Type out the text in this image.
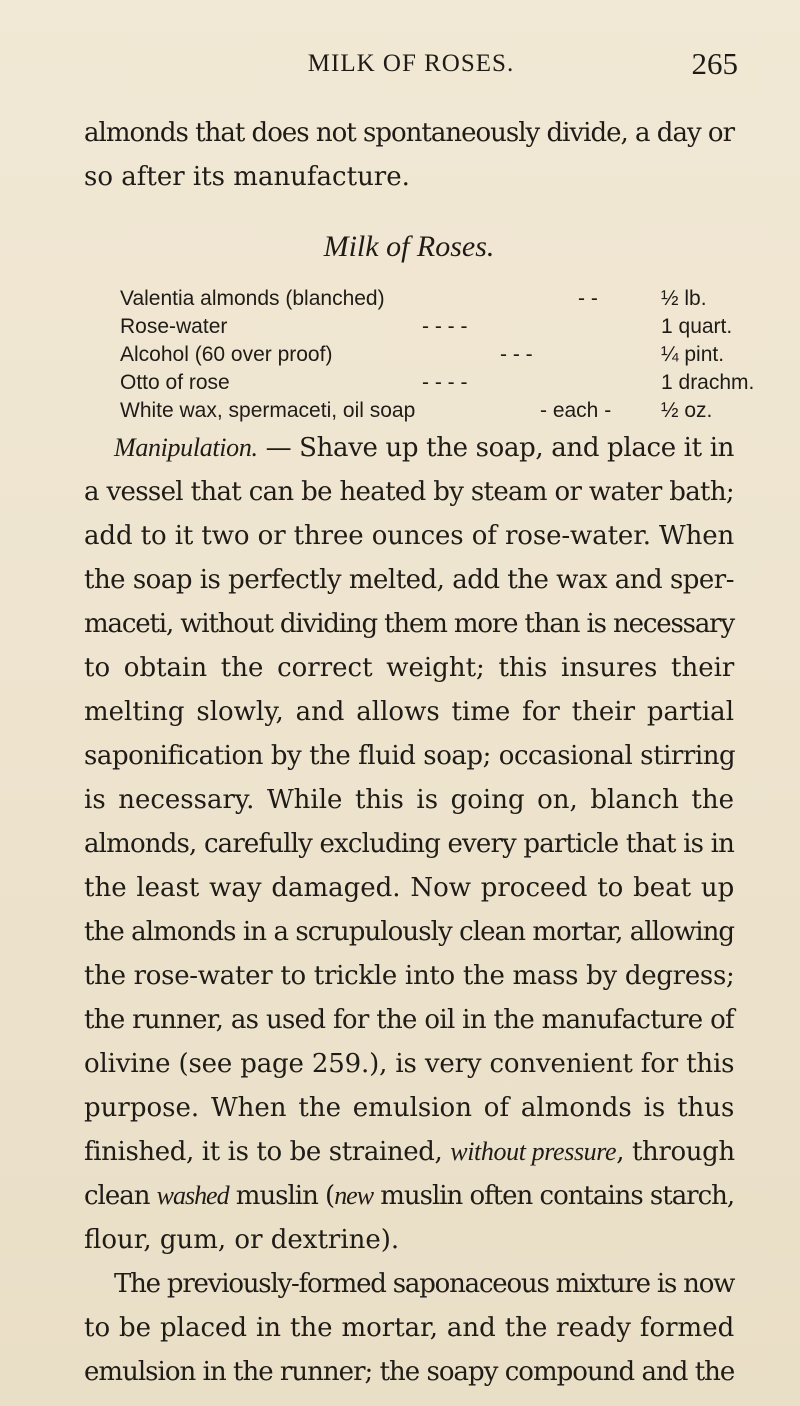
MILK OF ROSES.	265
almonds that does not spontaneously divide, a day or
so after its manufacture.
Milk of Roses.
Valentia almonds (blanched)	- -	½ lb.
Rose-water	- - - -	1 quart.
Alcohol (60 over proof)	- - -	¼ pint.
Otto of rose	- - - -	1 drachm.
White wax, spermaceti, oil soap	- each - ½ oz.
Manipulation. — Shave up the soap, and place it in
a vessel that can be heated by steam or water bath;
add to it two or three ounces of rose-water. When
the soap is perfectly melted, add the wax and sper-
maceti, without dividing them more than is necessary
to obtain the correct weight; this insures their
melting slowly, and allows time for their partial
saponification by the fluid soap; occasional stirring
is necessary. While this is going on, blanch the
almonds, carefully excluding every particle that is in
the least way damaged. Now proceed to beat up
the almonds in a scrupulously clean mortar, allowing
the rose-water to trickle into the mass by degress;
the runner, as used for the oil in the manufacture of
olivine (see page 259.), is very convenient for this
purpose. When the emulsion of almonds is thus
finished, it is to be strained, without pressure, through
clean washed muslin (new muslin often contains starch,
flour, gum, or dextrine).
The previously-formed saponaceous mixture is now
to be placed in the mortar, and the ready formed
emulsion in the runner; the soapy compound and the
